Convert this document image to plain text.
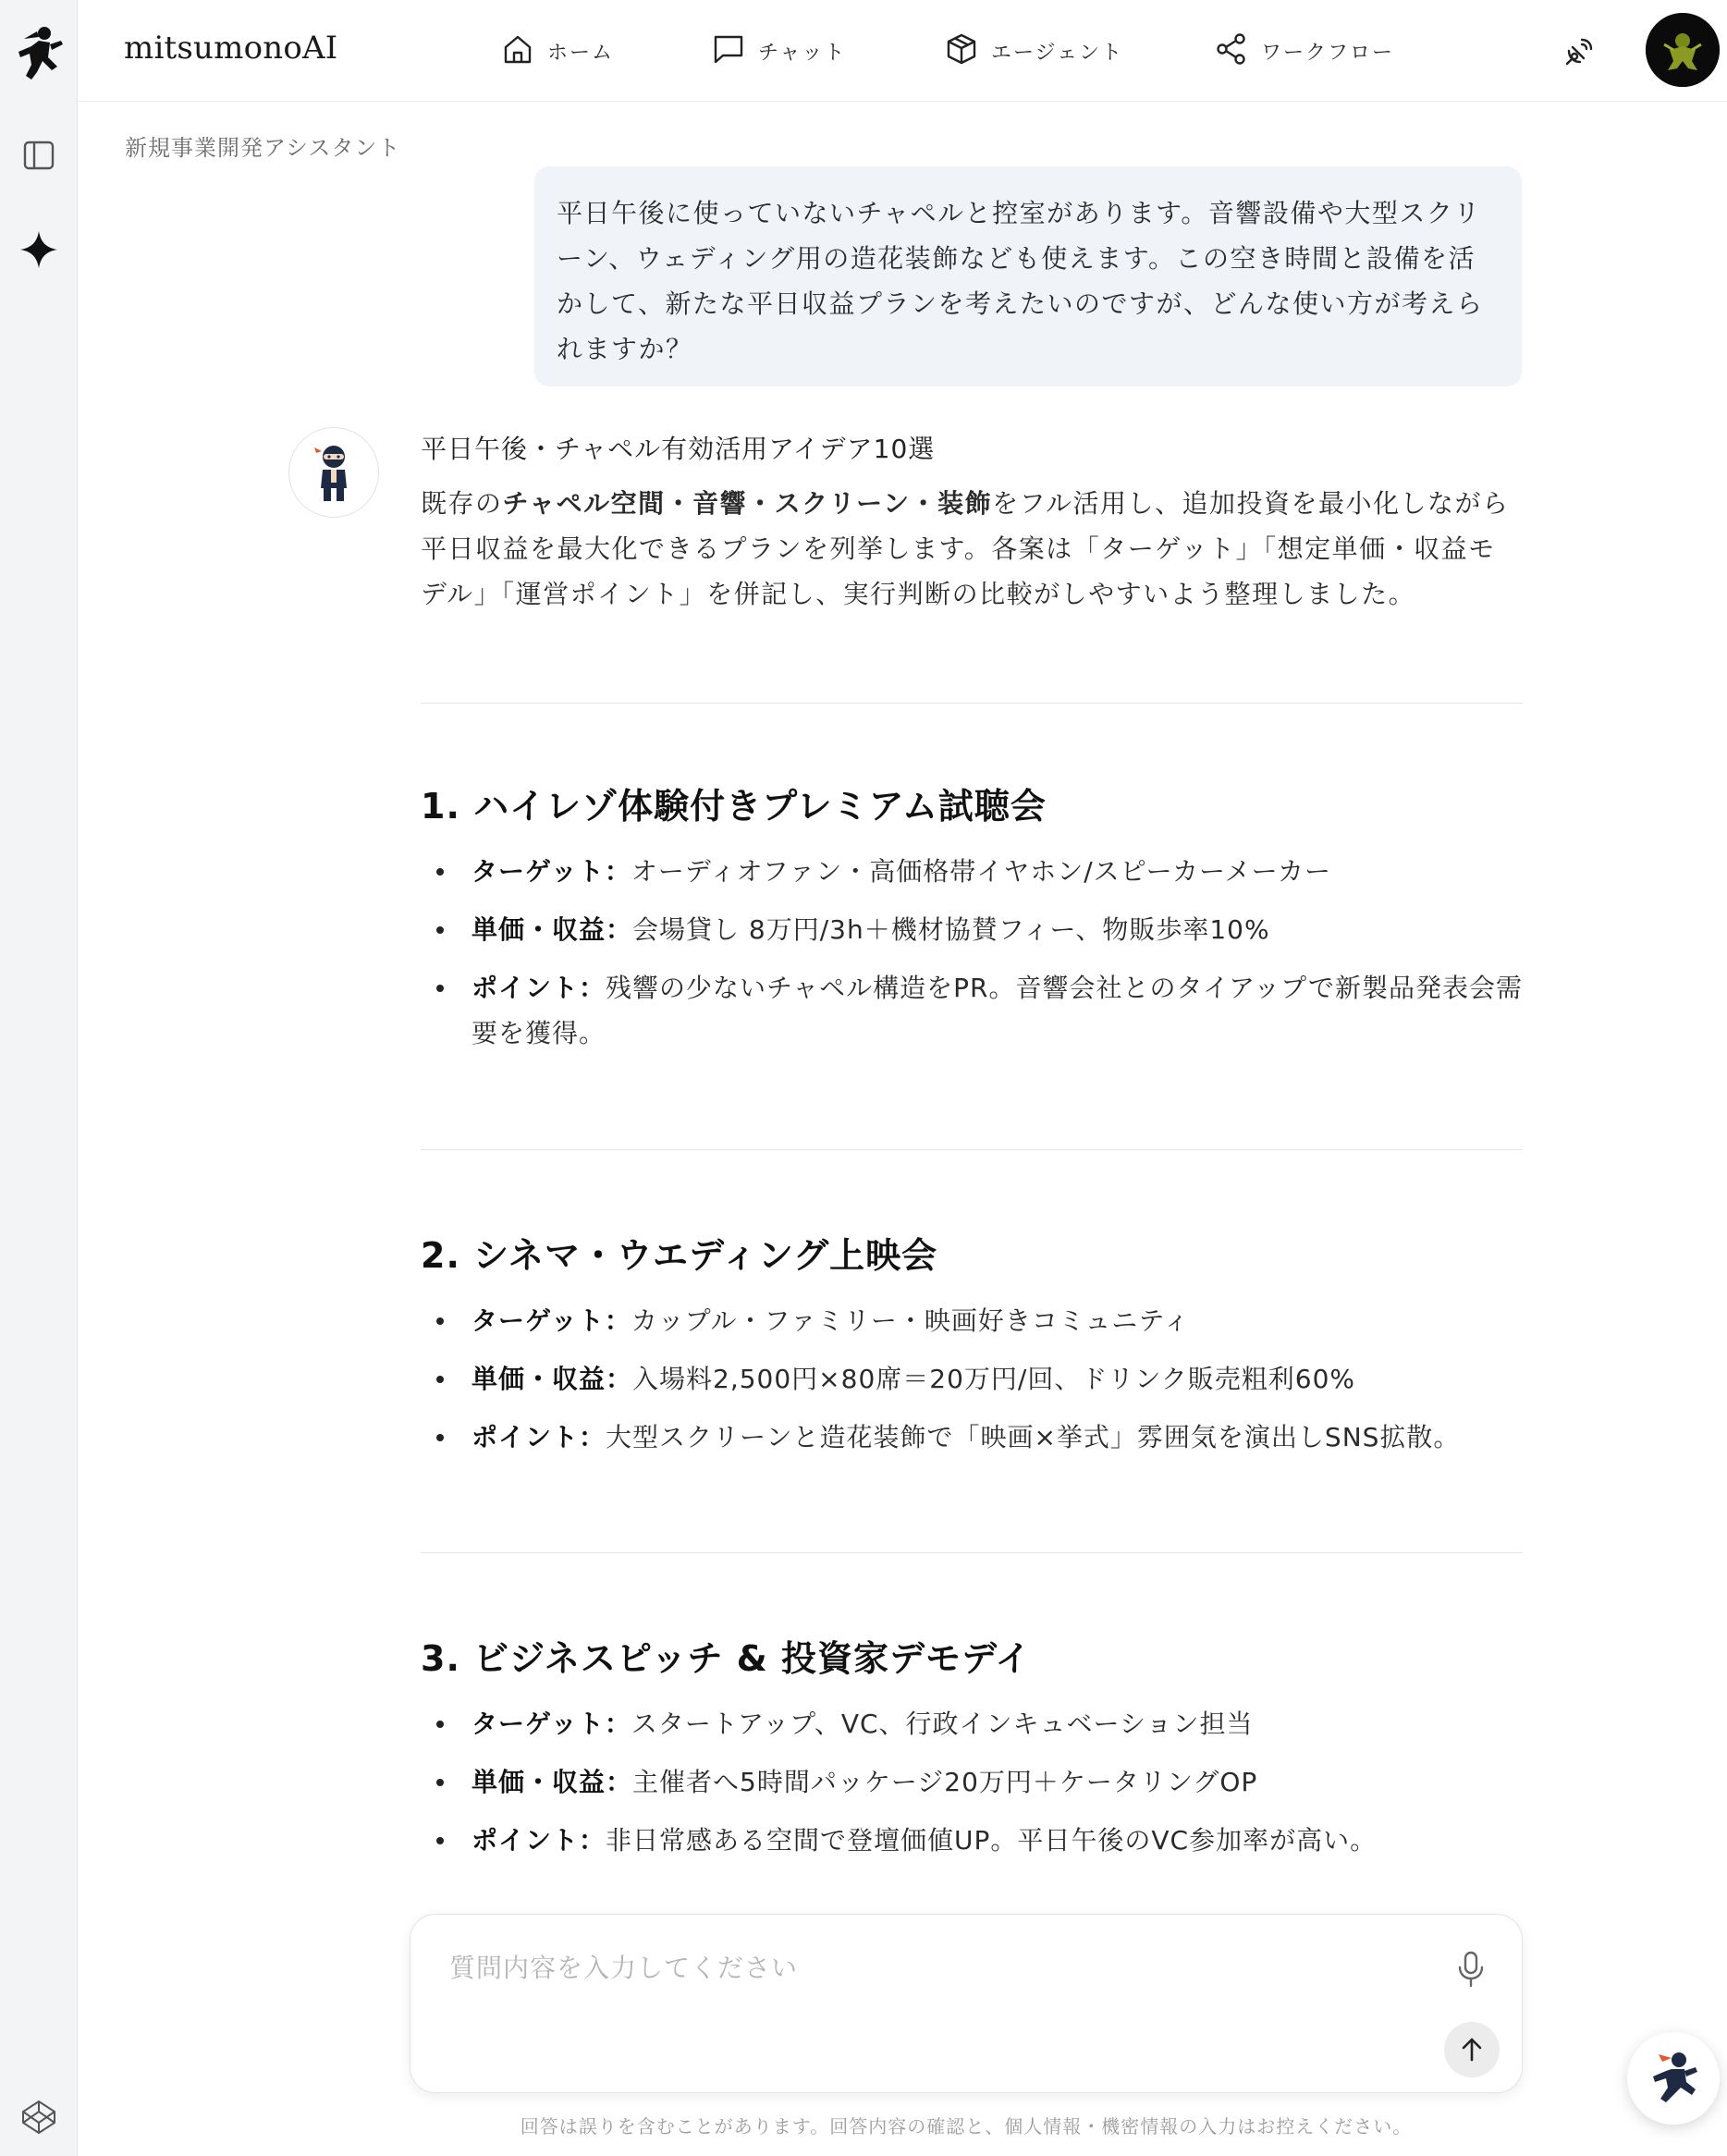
mitsumonoAI	ホーム	チャット	エージェント	ワークフロー
新規事業開発アシスタント
平日午後に使っていないチャペルと控室があります。音響設備や大型スクリーン、ウェディング用の造花装飾なども使えます。この空き時間と設備を活かして、新たな平日収益プランを考えたいのですが、どんな使い方が考えられますか？
平日午後・チャペル有効活用アイデア10選
既存のチャペル空間・音響・スクリーン・装飾をフル活用し、追加投資を最小化しながら平日収益を最大化できるプランを列挙します。各案は「ターゲット」「想定単価・収益モデル」「運営ポイント」を併記し、実行判断の比較がしやすいよう整理しました。
1. ハイレゾ体験付きプレミアム試聴会
ターゲット：オーディオファン・高価格帯イヤホン/スピーカーメーカー
単価・収益：会場貸し 8万円/3h＋機材協賛フィー、物販歩率10%
ポイント：残響の少ないチャペル構造をPR。音響会社とのタイアップで新製品発表会需要を獲得。
2. シネマ・ウエディング上映会
ターゲット：カップル・ファミリー・映画好きコミュニティ
単価・収益：入場料2,500円×80席＝20万円/回、ドリンク販売粗利60%
ポイント：大型スクリーンと造花装飾で「映画×挙式」雰囲気を演出しSNS拡散。
3. ビジネスピッチ & 投資家デモデイ
ターゲット：スタートアップ、VC、行政インキュベーション担当
単価・収益：主催者へ5時間パッケージ20万円＋ケータリングOP
ポイント：非日常感ある空間で登壇価値UP。平日午後のVC参加率が高い。
質問内容を入力してください
回答は誤りを含むことがあります。回答内容の確認と、個人情報・機密情報の入力はお控えください。
